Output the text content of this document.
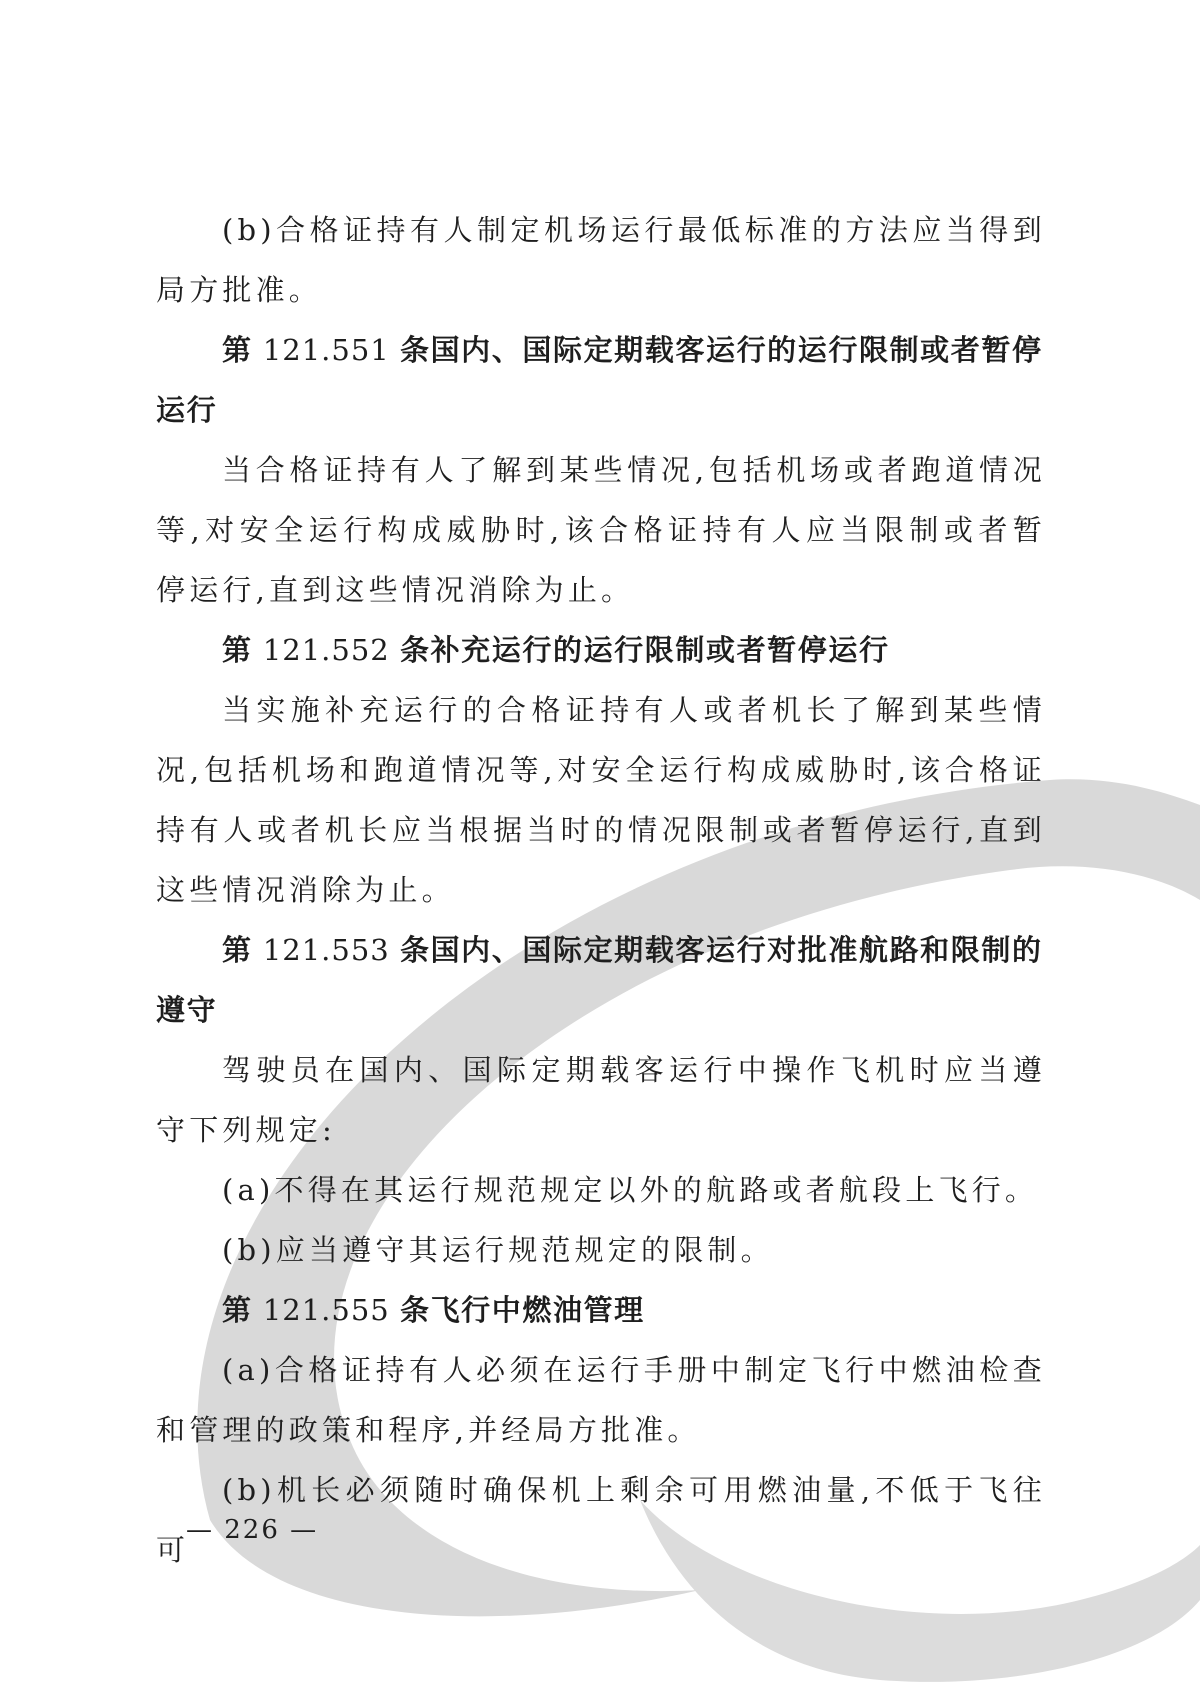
(b)合格证持有人制定机场运行最低标准的方法应当得到局方批准。

第 121.551 条国内、国际定期载客运行的运行限制或者暂停运行

当合格证持有人了解到某些情况,包括机场或者跑道情况等,对安全运行构成威胁时,该合格证持有人应当限制或者暂停运行,直到这些情况消除为止。

第 121.552 条补充运行的运行限制或者暂停运行

当实施补充运行的合格证持有人或者机长了解到某些情况,包括机场和跑道情况等,对安全运行构成威胁时,该合格证持有人或者机长应当根据当时的情况限制或者暂停运行,直到这些情况消除为止。

第 121.553 条国内、国际定期载客运行对批准航路和限制的遵守

驾驶员在国内、国际定期载客运行中操作飞机时应当遵守下列规定:

(a)不得在其运行规范规定以外的航路或者航段上飞行。

(b)应当遵守其运行规范规定的限制。

第 121.555 条飞行中燃油管理

(a)合格证持有人必须在运行手册中制定飞行中燃油检查和管理的政策和程序,并经局方批准。

(b)机长必须随时确保机上剩余可用燃油量,不低于飞往可

— 226 —
